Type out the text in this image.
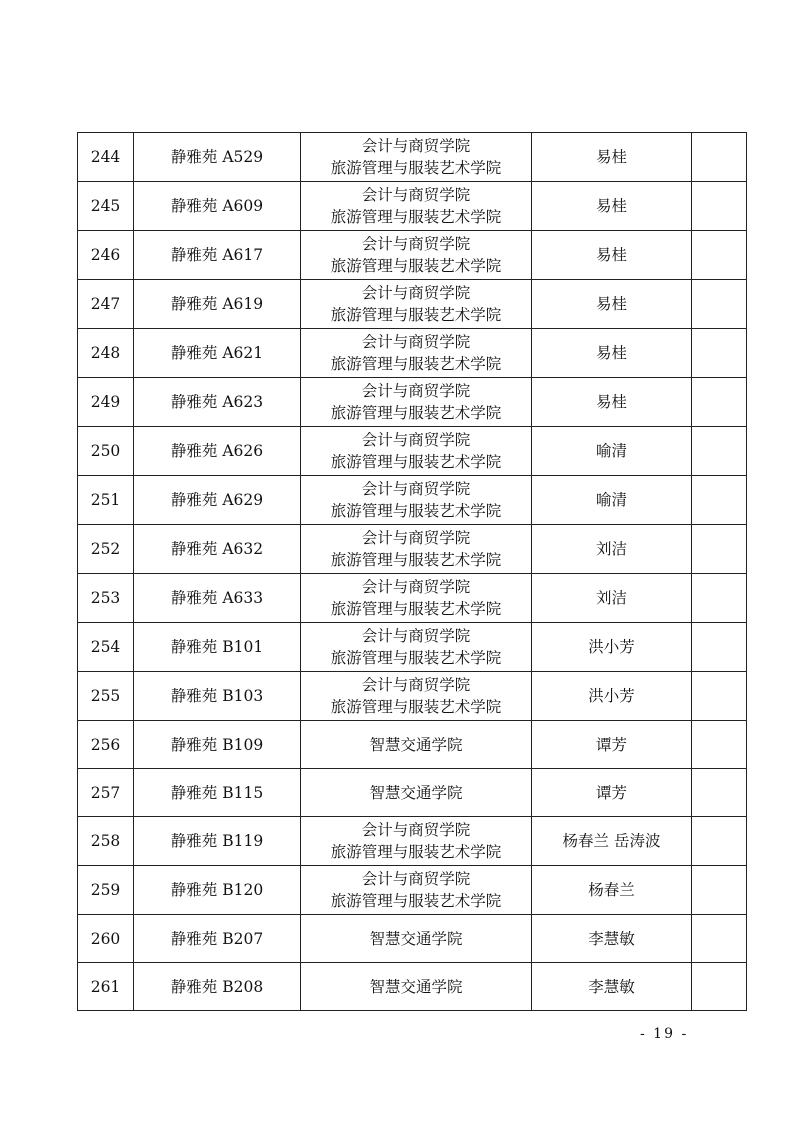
244	静雅苑 A529	会计与商贸学院
旅游管理与服装艺术学院	易桂	
245	静雅苑 A609	会计与商贸学院
旅游管理与服装艺术学院	易桂	
246	静雅苑 A617	会计与商贸学院
旅游管理与服装艺术学院	易桂	
247	静雅苑 A619	会计与商贸学院
旅游管理与服装艺术学院	易桂	
248	静雅苑 A621	会计与商贸学院
旅游管理与服装艺术学院	易桂	
249	静雅苑 A623	会计与商贸学院
旅游管理与服装艺术学院	易桂	
250	静雅苑 A626	会计与商贸学院
旅游管理与服装艺术学院	喻清	
251	静雅苑 A629	会计与商贸学院
旅游管理与服装艺术学院	喻清	
252	静雅苑 A632	会计与商贸学院
旅游管理与服装艺术学院	刘洁	
253	静雅苑 A633	会计与商贸学院
旅游管理与服装艺术学院	刘洁	
254	静雅苑 B101	会计与商贸学院
旅游管理与服装艺术学院	洪小芳	
255	静雅苑 B103	会计与商贸学院
旅游管理与服装艺术学院	洪小芳	
256	静雅苑 B109	智慧交通学院	谭芳	
257	静雅苑 B115	智慧交通学院	谭芳	
258	静雅苑 B119	会计与商贸学院
旅游管理与服装艺术学院	杨春兰 岳涛波	
259	静雅苑 B120	会计与商贸学院
旅游管理与服装艺术学院	杨春兰	
260	静雅苑 B207	智慧交通学院	李慧敏	
261	静雅苑 B208	智慧交通学院	李慧敏	
- 19 -
